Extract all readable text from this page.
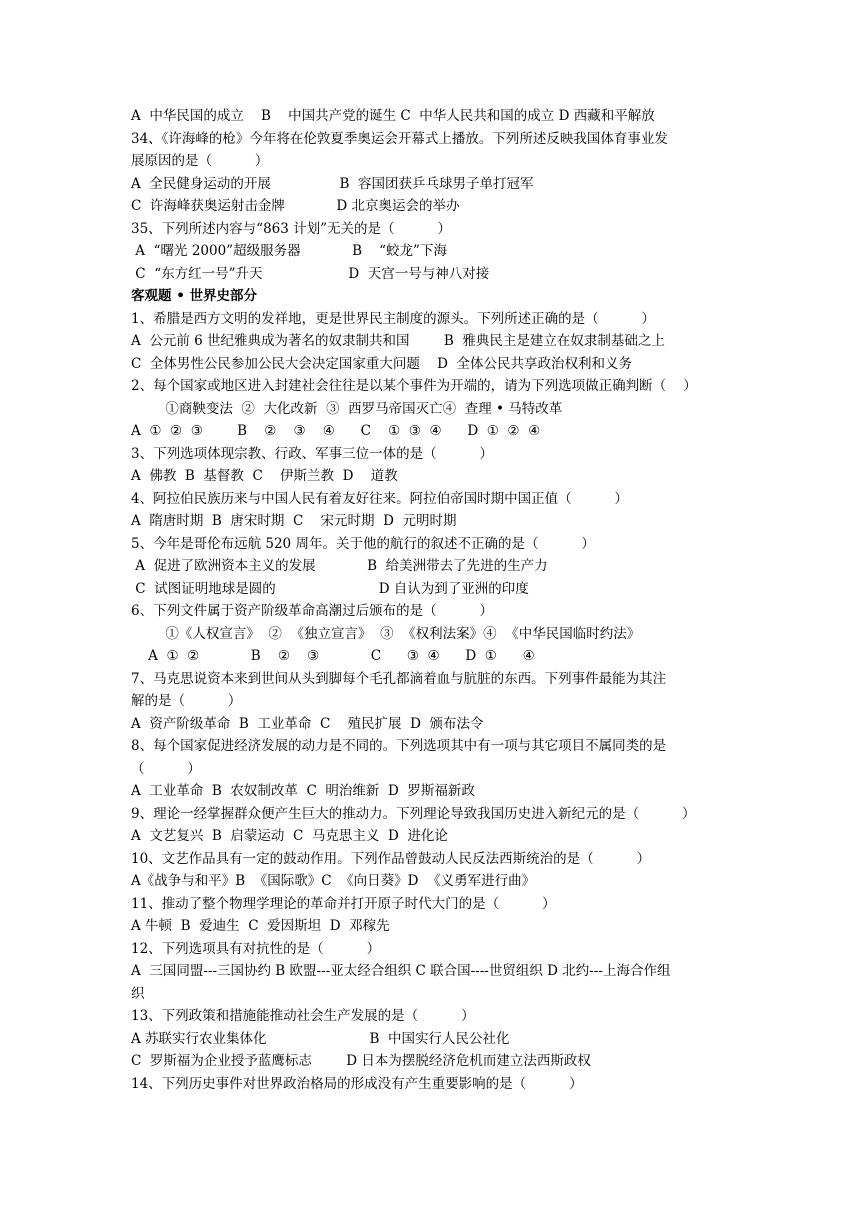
A  中华民国的成立    B    中国共产党的诞生 C  中华人民共和国的成立 D 西藏和平解放
34、《许海峰的枪》今年将在伦敦夏季奥运会开幕式上播放。下列所述反映我国体育事业发
展原因的是（          ）
A  全民健身运动的开展                B  容国团获乒乓球男子单打冠军
C  许海峰获奥运射击金牌            D 北京奥运会的举办
35、下列所述内容与“863 计划”无关的是（          ）
A  “曙光 2000”超级服务器            B    “蛟龙”下海
C  “东方红一号”升天                    D  天宫一号与神八对接
客观题 • 世界史部分
1、希腊是西方文明的发祥地，更是世界民主制度的源头。下列所述正确的是（          ）
A  公元前 6 世纪雅典成为著名的奴隶制共和国        B  雅典民主是建立在奴隶制基础之上
C  全体男性公民参加公民大会决定国家重大问题    D  全体公民共享政治权利和义务
2、每个国家或地区进入封建社会往往是以某个事件为开端的，请为下列选项做正确判断（    ）
①商鞅变法  ②  大化改新  ③  西罗马帝国灭亡④  查理 • 马特改革
A  ①  ②  ③        B    ②    ③    ④      C    ①  ③  ④      D  ①  ②  ④
3、下列选项体现宗教、行政、军事三位一体的是（          ）
A  佛教  B  基督教  C    伊斯兰教  D    道教
4、阿拉伯民族历来与中国人民有着友好往来。阿拉伯帝国时期中国正值（          ）
A  隋唐时期  B  唐宋时期  C    宋元时期  D  元明时期
5、今年是哥伦布远航 520 周年。关于他的航行的叙述不正确的是（          ）
A  促进了欧洲资本主义的发展            B  给美洲带去了先进的生产力
C  试图证明地球是圆的                        D 自认为到了亚洲的印度
6、下列文件属于资产阶级革命高潮过后颁布的是（          ）
①《人权宣言》  ②  《独立宣言》  ③  《权利法案》④  《中华民国临时约法》
A  ①  ②            B    ②    ③            C      ③  ④      D  ①      ④
7、马克思说资本来到世间从头到脚每个毛孔都滴着血与肮脏的东西。下列事件最能为其注
解的是（          ）
A  资产阶级革命  B  工业革命  C    殖民扩展  D  颁布法令
8、每个国家促进经济发展的动力是不同的。下列选项其中有一项与其它项目不属同类的是
（          ）
A  工业革命  B  农奴制改革  C  明治维新  D  罗斯福新政
9、理论一经掌握群众便产生巨大的推动力。下列理论导致我国历史进入新纪元的是（          ）
A  文艺复兴  B  启蒙运动  C  马克思主义  D  进化论
10、文艺作品具有一定的鼓动作用。下列作品曾鼓动人民反法西斯统治的是（          ）
A《战争与和平》B  《国际歌》C  《向日葵》D  《义勇军进行曲》
11、推动了整个物理学理论的革命并打开原子时代大门的是（          ）
A 牛顿  B  爱迪生  C  爱因斯坦  D  邓稼先
12、下列选项具有对抗性的是（          ）
A  三国同盟---三国协约 B 欧盟---亚太经合组织 C 联合国----世贸组织 D 北约---上海合作组
织
13、下列政策和措施能推动社会生产发展的是（          ）
A 苏联实行农业集体化                        B  中国实行人民公社化
C  罗斯福为企业授予蓝鹰标志        D 日本为摆脱经济危机而建立法西斯政权
14、下列历史事件对世界政治格局的形成没有产生重要影响的是（          ）
